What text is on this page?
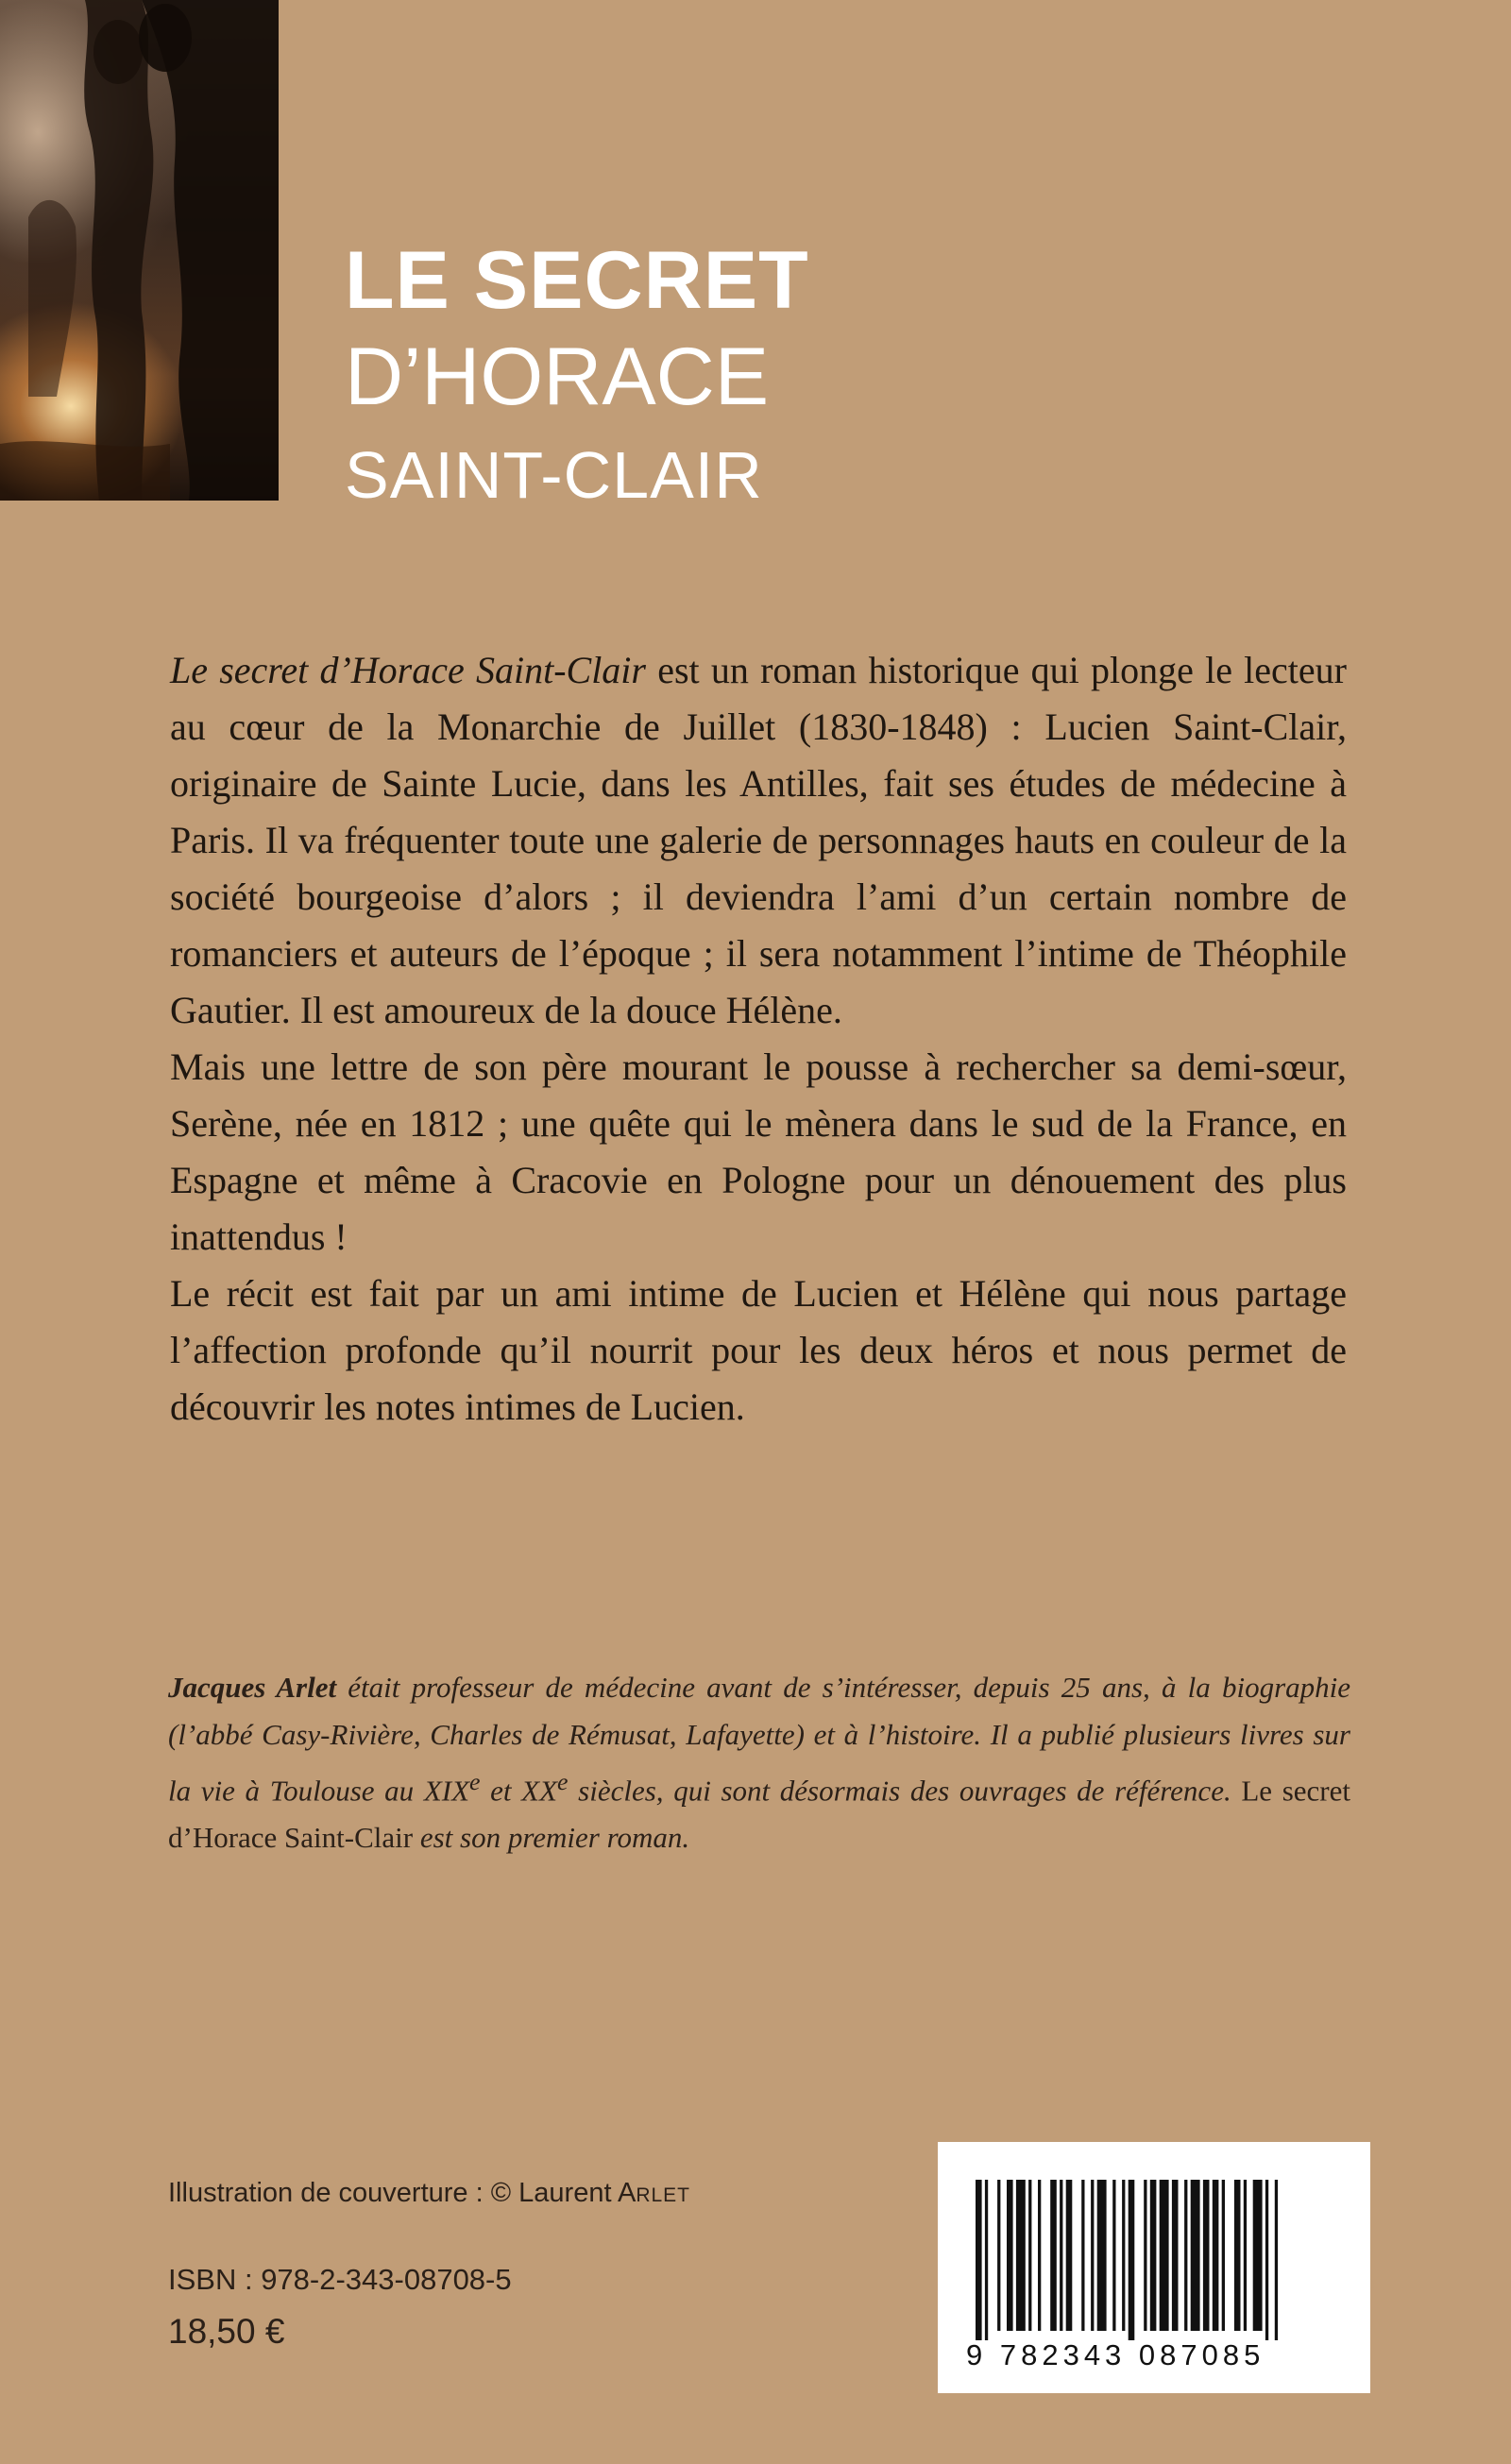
LE SECRET
D’HORACE
SAINT-CLAIR

Le secret d’Horace Saint-Clair est un roman historique qui plonge le lecteur au cœur de la Monarchie de Juillet (1830-1848) : Lucien Saint-Clair, originaire de Sainte Lucie, dans les Antilles, fait ses études de médecine à Paris. Il va fréquenter toute une galerie de personnages hauts en couleur de la société bourgeoise d’alors ; il deviendra l’ami d’un certain nombre de romanciers et auteurs de l’époque ; il sera notamment l’intime de Théophile Gautier. Il est amoureux de la douce Hélène.

Mais une lettre de son père mourant le pousse à rechercher sa demi-sœur, Serène, née en 1812 ; une quête qui le mènera dans le sud de la France, en Espagne et même à Cracovie en Pologne pour un dénouement des plus inattendus !

Le récit est fait par un ami intime de Lucien et Hélène qui nous partage l’affection profonde qu’il nourrit pour les deux héros et nous permet de découvrir les notes intimes de Lucien.

Jacques Arlet était professeur de médecine avant de s’intéresser, depuis 25 ans, à la biographie (l’abbé Casy-Rivière, Charles de Rémusat, Lafayette) et à l’histoire. Il a publié plusieurs livres sur la vie à Toulouse au XIXe et XXe siècles, qui sont désormais des ouvrages de référence. Le secret d’Horace Saint-Clair est son premier roman.
Illustration de couverture : © Laurent ARLET
ISBN : 978-2-343-08708-5
18,50 €
9 782343 087085
